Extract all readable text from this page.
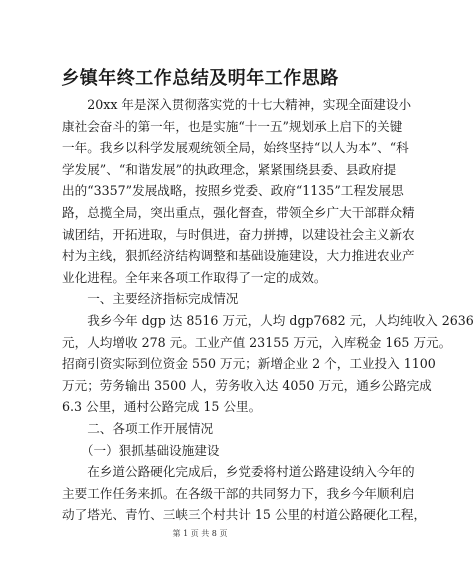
乡镇年终工作总结及明年工作思路
　　20xx 年是深入贯彻落实党的十七大精神，实现全面建设小
康社会奋斗的第一年，也是实施“十一五”规划承上启下的关键
一年。我乡以科学发展观统领全局，始终坚持“以人为本”、“科
学发展”、“和谐发展”的执政理念，紧紧围绕县委、县政府提
出的“3357”发展战略，按照乡党委、政府“1135”工程发展思
路，总揽全局，突出重点，强化督查，带领全乡广大干部群众精
诚团结，开拓进取，与时俱进，奋力拼搏，以建设社会主义新农
村为主线，狠抓经济结构调整和基础设施建设，大力推进农业产
业化进程。全年来各项工作取得了一定的成效。
　　一、主要经济指标完成情况
　　我乡今年 dgp 达 8516 万元，人均 dgp7682 元，人均纯收入 2636
元，人均增收 278 元。工业产值 23155 万元，入库税金 165 万元。
招商引资实际到位资金 550 万元；新增企业 2 个，工业投入 1100
万元；劳务输出 3500 人，劳务收入达 4050 万元，通乡公路完成
6.3 公里，通村公路完成 15 公里。
　　二、各项工作开展情况
　　（一）狠抓基础设施建设
　　在乡道公路硬化完成后，乡党委将村道公路建设纳入今年的
主要工作任务来抓。在各级干部的共同努力下，我乡今年顺利启
动了塔光、青竹、三峡三个村共计 15 公里的村道公路硬化工程，
第 1 页 共 8 页
